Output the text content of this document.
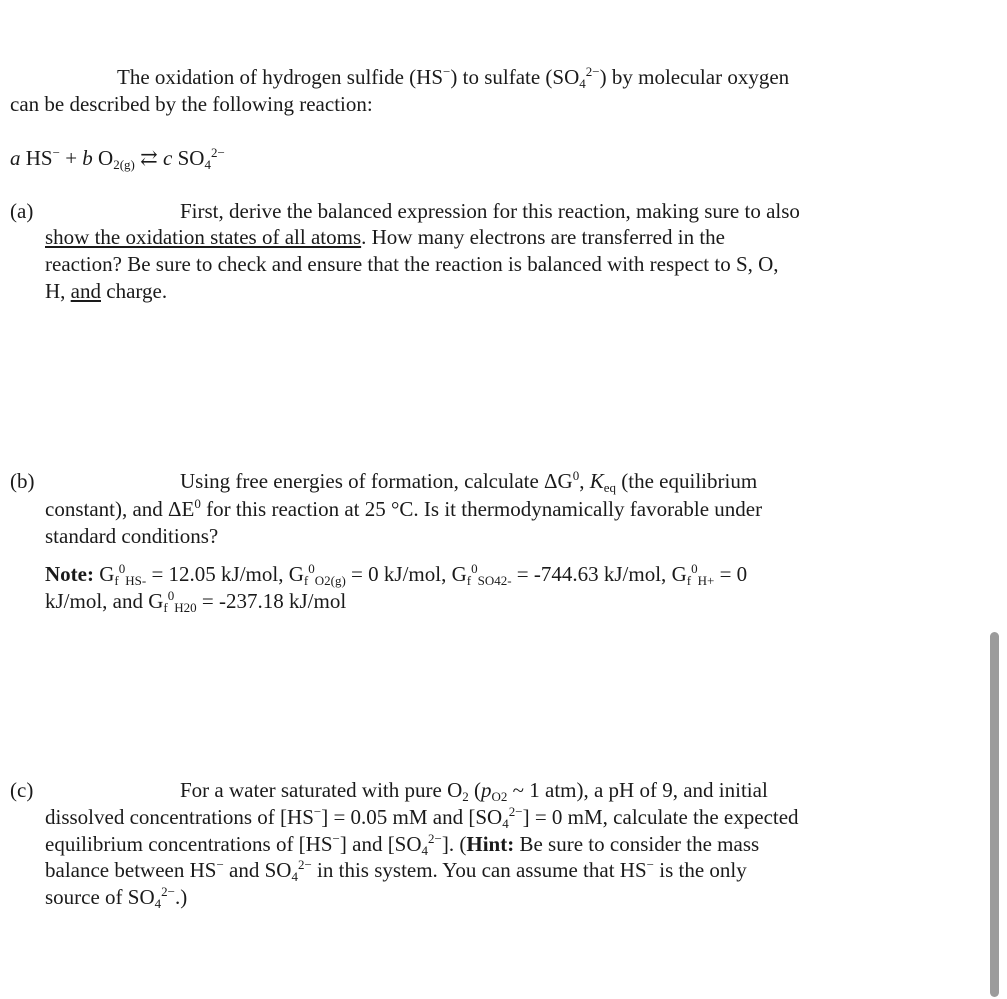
The oxidation of hydrogen sulfide (HS−) to sulfate $(SO_4^{2-})$ by molecular oxygen
can be described by the following reaction:
a HS− + b $O_{2(g)}$ ⇄ c $SO_4^{2-}$
(a)	First, derive the balanced expression for this reaction, making sure to also
show the oxidation states of all atoms. How many electrons are transferred in the
reaction? Be sure to check and ensure that the reaction is balanced with respect to S, O,
H, and charge.
(b)	Using free energies of formation, calculate $\Delta G^0$, $K_{eq}$ (the equilibrium
constant), and $\Delta E^0$ for this reaction at 25 °C. Is it thermodynamically favorable under
standard conditions?
Note: $G_f^0_{HS-} = 12.05$ kJ/mol, $G_f^0_{O2(g)} = 0$ kJ/mol, $G_f^0_{SO42-} = -744.63$ kJ/mol, $G_f^0_{H+} = 0$
kJ/mol, and $G_f^0_{H20} = -237.18$ kJ/mol
(c)	For a water saturated with pure $O_2$ ($p_{O2}$ ~ 1 atm), a pH of 9, and initial
dissolved concentrations of [HS−] = 0.05 mM and $[SO_4^{2-}] = 0$ mM, calculate the expected
equilibrium concentrations of [HS−] and $[SO_4^{2-}]$. (Hint: Be sure to consider the mass
balance between HS− and $SO_4^{2-}$ in this system. You can assume that HS− is the only
source of $SO_4^{2-}$.)
